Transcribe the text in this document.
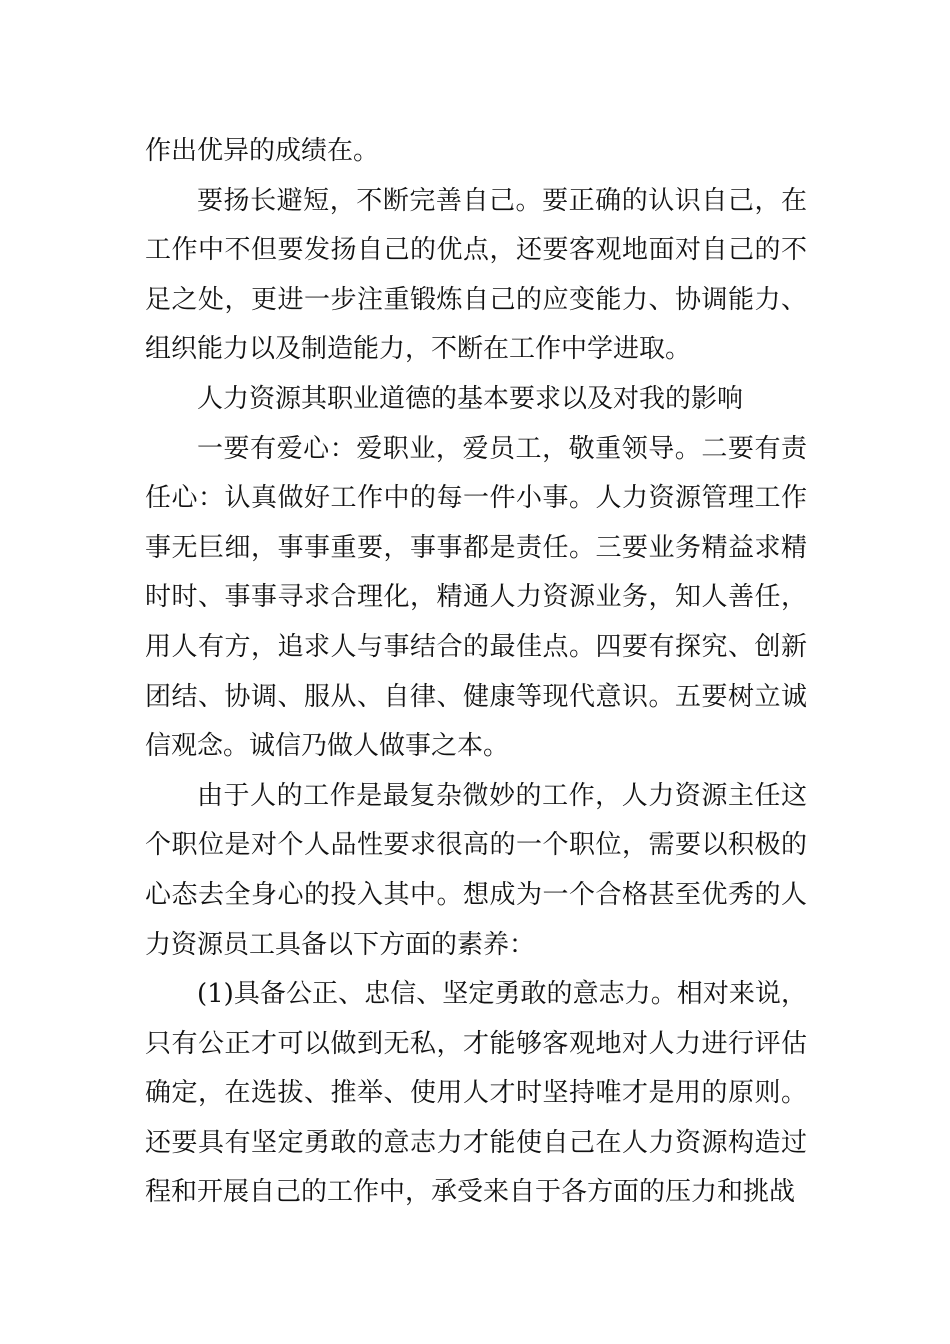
作出优异的成绩在。

要扬长避短，不断完善自己。要正确的认识自己，在工作中不但要发扬自己的优点，还要客观地面对自己的不足之处，更进一步注重锻炼自己的应变能力、协调能力、组织能力以及制造能力，不断在工作中学进取。

人力资源其职业道德的基本要求以及对我的影响

一要有爱心：爱职业，爱员工，敬重领导。二要有责任心：认真做好工作中的每一件小事。人力资源管理工作事无巨细，事事重要，事事都是责任。三要业务精益求精时时、事事寻求合理化，精通人力资源业务，知人善任，用人有方，追求人与事结合的最佳点。四要有探究、创新团结、协调、服从、自律、健康等现代意识。五要树立诚信观念。诚信乃做人做事之本。

由于人的工作是最复杂微妙的工作，人力资源主任这个职位是对个人品性要求很高的一个职位，需要以积极的心态去全身心的投入其中。想成为一个合格甚至优秀的人力资源员工具备以下方面的素养：

(1)具备公正、忠信、坚定勇敢的意志力。相对来说，只有公正才可以做到无私，才能够客观地对人力进行评估确定，在选拔、推举、使用人才时坚持唯才是用的原则。还要具有坚定勇敢的意志力才能使自己在人力资源构造过程和开展自己的工作中，承受来自于各方面的压力和挑战
